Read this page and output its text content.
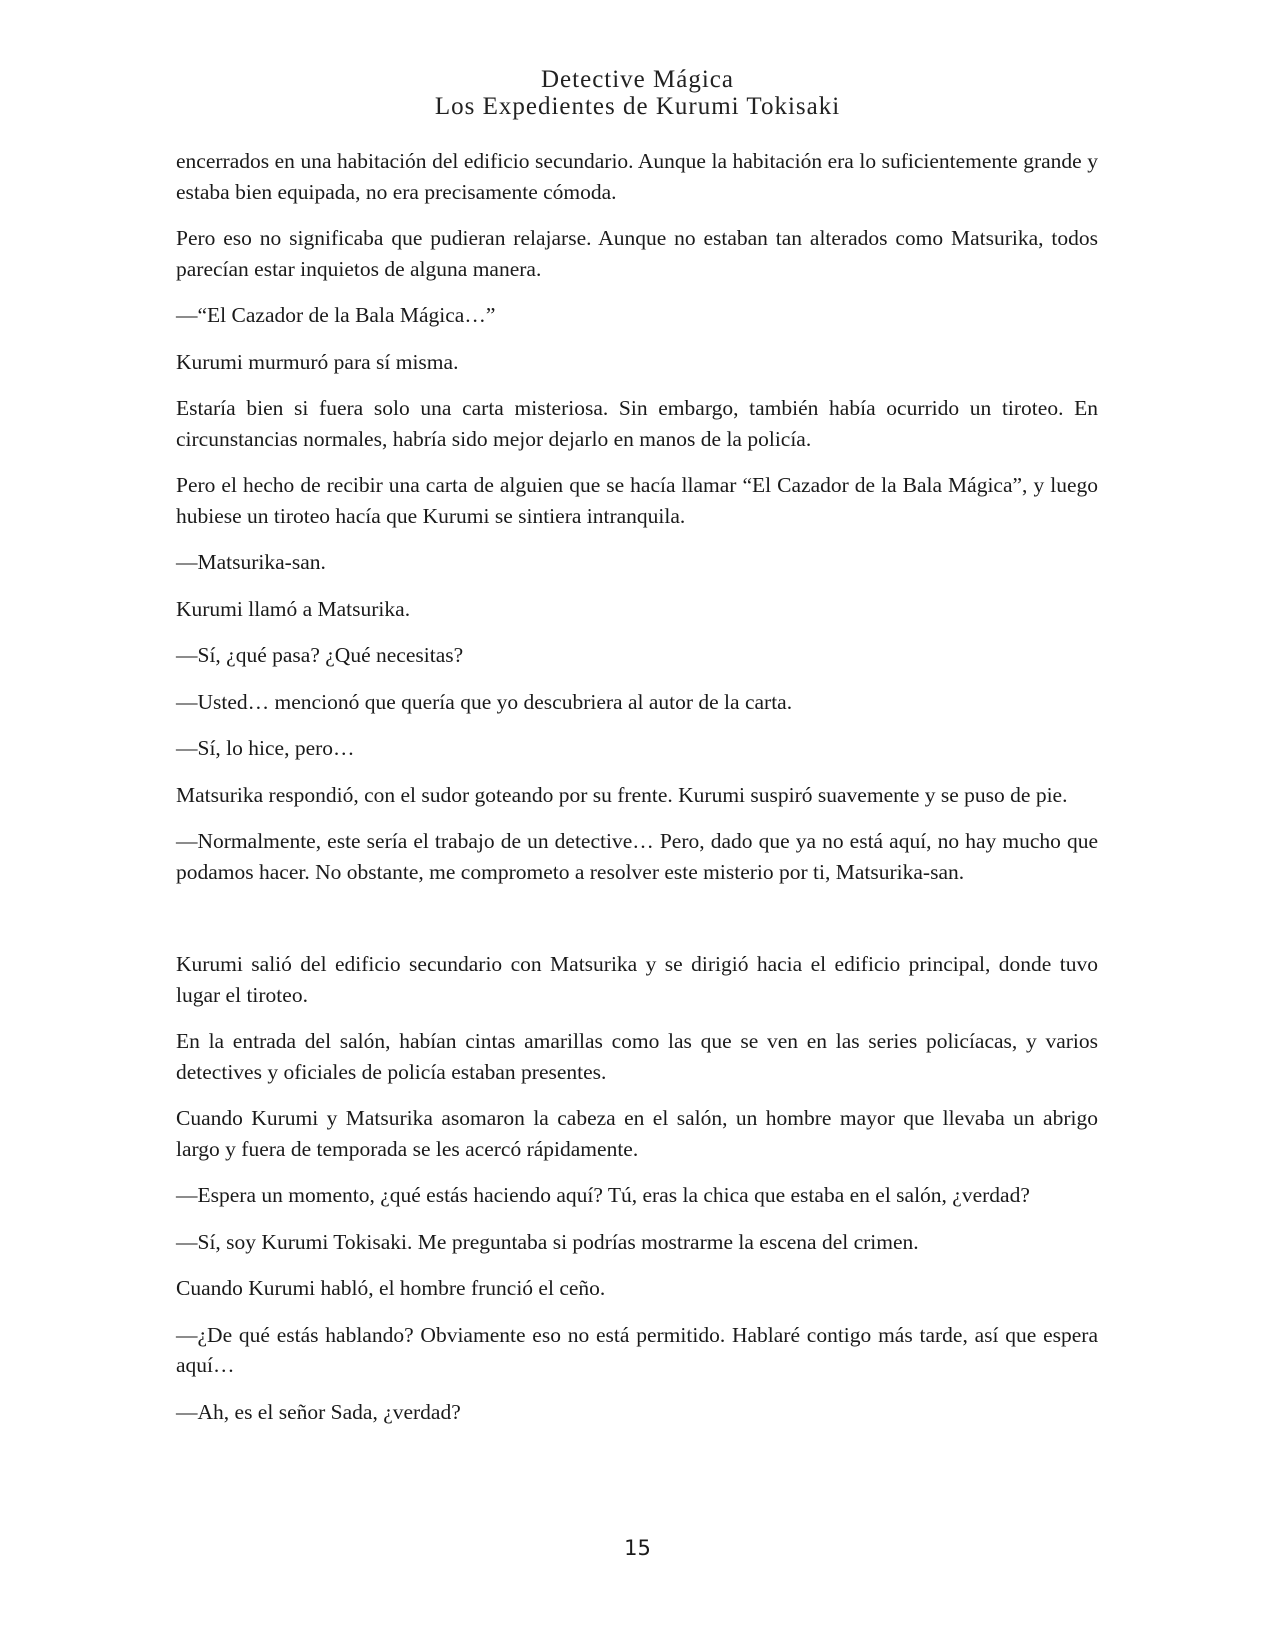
Detective Mágica
Los Expedientes de Kurumi Tokisaki

encerrados en una habitación del edificio secundario. Aunque la habitación era lo suficientemente grande y estaba bien equipada, no era precisamente cómoda.

Pero eso no significaba que pudieran relajarse. Aunque no estaban tan alterados como Matsurika, todos parecían estar inquietos de alguna manera.

—“El Cazador de la Bala Mágica…”

Kurumi murmuró para sí misma.

Estaría bien si fuera solo una carta misteriosa. Sin embargo, también había ocurrido un tiroteo. En circunstancias normales, habría sido mejor dejarlo en manos de la policía.

Pero el hecho de recibir una carta de alguien que se hacía llamar “El Cazador de la Bala Mágica”, y luego hubiese un tiroteo hacía que Kurumi se sintiera intranquila.

—Matsurika-san.

Kurumi llamó a Matsurika.

—Sí, ¿qué pasa? ¿Qué necesitas?

—Usted… mencionó que quería que yo descubriera al autor de la carta.

—Sí, lo hice, pero…

Matsurika respondió, con el sudor goteando por su frente. Kurumi suspiró suavemente y se puso de pie.

—Normalmente, este sería el trabajo de un detective… Pero, dado que ya no está aquí, no hay mucho que podamos hacer. No obstante, me comprometo a resolver este misterio por ti, Matsurika-san.

Kurumi salió del edificio secundario con Matsurika y se dirigió hacia el edificio principal, donde tuvo lugar el tiroteo.

En la entrada del salón, habían cintas amarillas como las que se ven en las series policíacas, y varios detectives y oficiales de policía estaban presentes.

Cuando Kurumi y Matsurika asomaron la cabeza en el salón, un hombre mayor que llevaba un abrigo largo y fuera de temporada se les acercó rápidamente.

—Espera un momento, ¿qué estás haciendo aquí? Tú, eras la chica que estaba en el salón, ¿verdad?

—Sí, soy Kurumi Tokisaki. Me preguntaba si podrías mostrarme la escena del crimen.

Cuando Kurumi habló, el hombre frunció el ceño.

—¿De qué estás hablando? Obviamente eso no está permitido. Hablaré contigo más tarde, así que espera aquí…

—Ah, es el señor Sada, ¿verdad?

15
